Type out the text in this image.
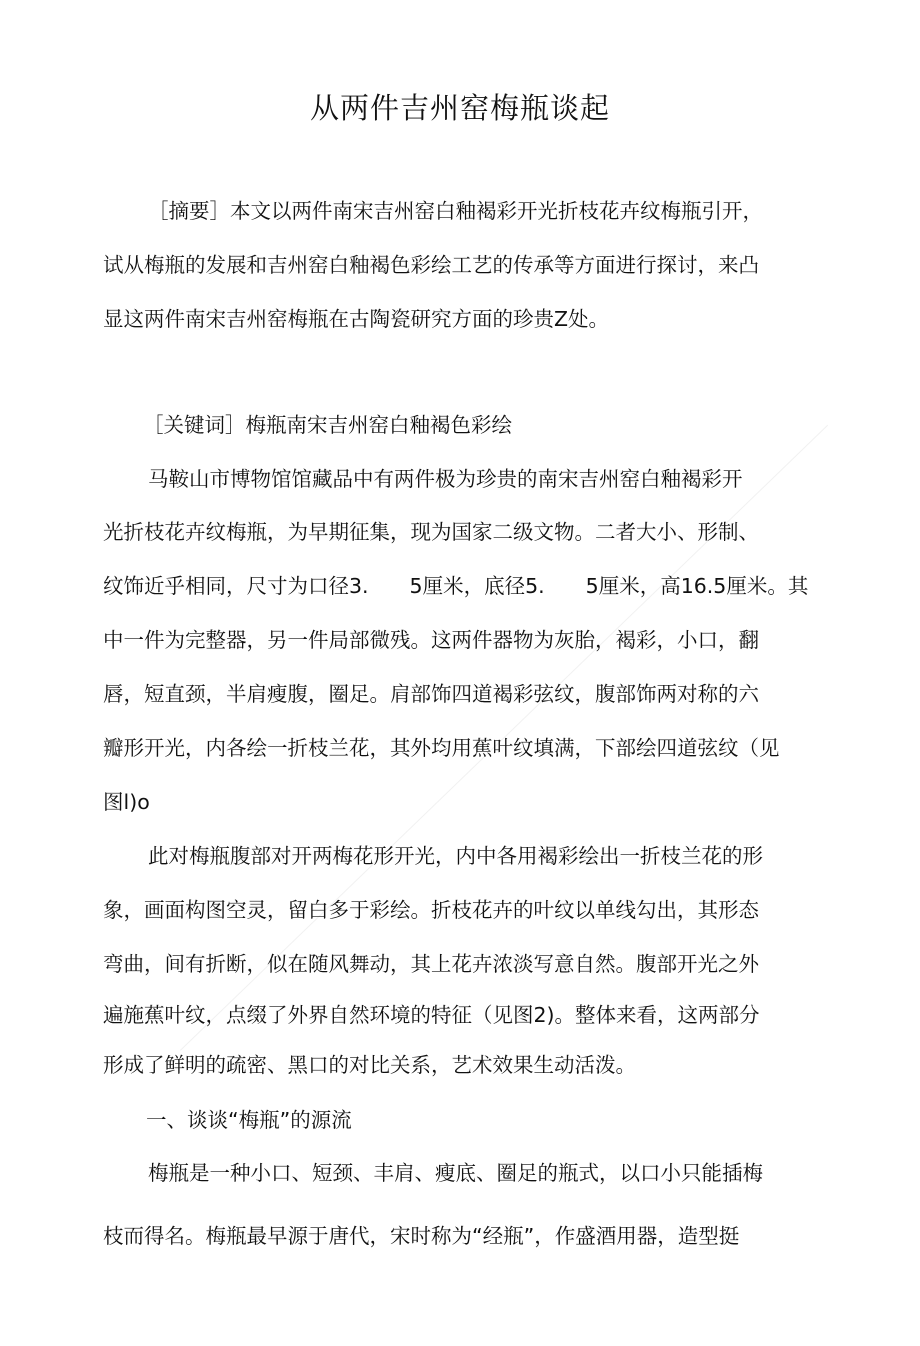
从两件吉州窑梅瓶谈起
［摘要］本文以两件南宋吉州窑白釉褐彩开光折枝花卉纹梅瓶引开，
试从梅瓶的发展和吉州窑白釉褐色彩绘工艺的传承等方面进行探讨，来凸
显这两件南宋吉州窑梅瓶在古陶瓷研究方面的珍贵Z处。
［关键词］梅瓶南宋吉州窑白釉褐色彩绘
马鞍山市博物馆馆藏品中有两件极为珍贵的南宋吉州窑白釉褐彩开
光折枝花卉纹梅瓶，为早期征集，现为国家二级文物。二者大小、形制、
纹饰近乎相同，尺寸为口径3.　　5厘米，底径5.　　5厘米，高16.5厘米。其
中一件为完整器，另一件局部微残。这两件器物为灰胎，褐彩，小口，翻
唇，短直颈，半肩瘦腹，圈足。肩部饰四道褐彩弦纹，腹部饰两对称的六
瓣形开光，内各绘一折枝兰花，其外均用蕉叶纹填满，下部绘四道弦纹（见
图l)o
此对梅瓶腹部对开两梅花形开光，内中各用褐彩绘出一折枝兰花的形
象，画面构图空灵，留白多于彩绘。折枝花卉的叶纹以单线勾出，其形态
弯曲，间有折断，似在随风舞动，其上花卉浓淡写意自然。腹部开光之外
遍施蕉叶纹，点缀了外界自然环境的特征（见图2)。整体来看，这两部分
形成了鲜明的疏密、黑口的对比关系，艺术效果生动活泼。
一、谈谈“梅瓶”的源流
梅瓶是一种小口、短颈、丰肩、瘦底、圈足的瓶式，以口小只能插梅
枝而得名。梅瓶最早源于唐代，宋时称为“经瓶”，作盛酒用器，造型挺
